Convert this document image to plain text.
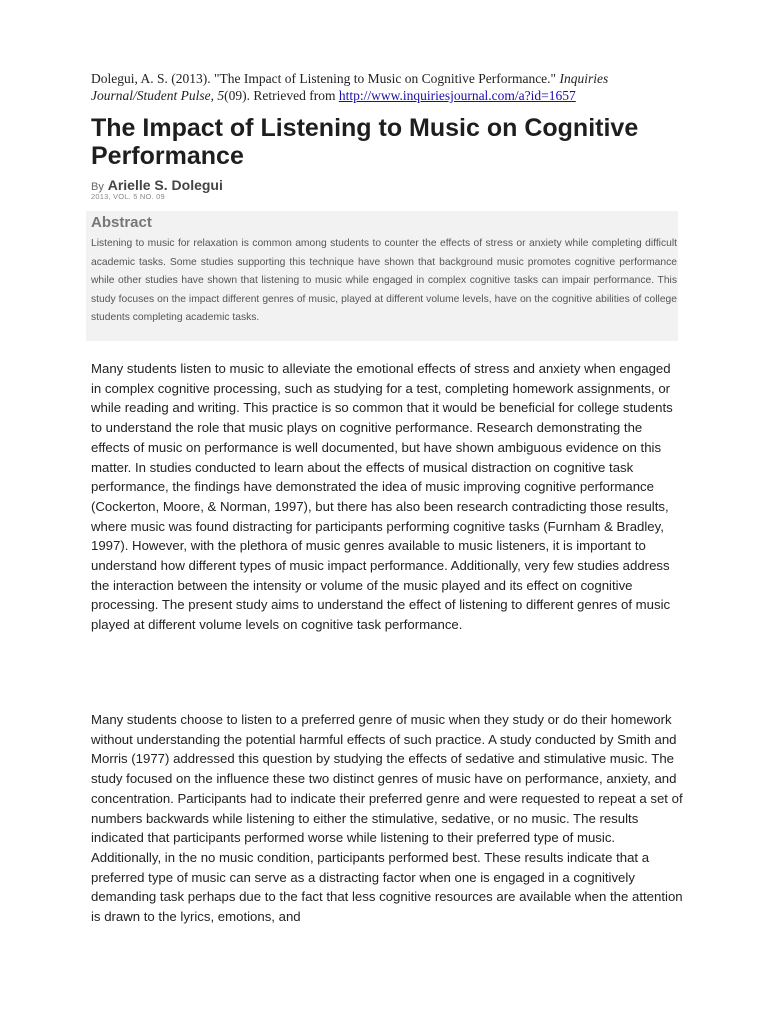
Dolegui, A. S. (2013). "The Impact of Listening to Music on Cognitive Performance." Inquiries Journal/Student Pulse, 5(09). Retrieved from http://www.inquiriesjournal.com/a?id=1657
The Impact of Listening to Music on Cognitive Performance
By Arielle S. Dolegui
2013, VOL. 5 NO. 09
Abstract

Listening to music for relaxation is common among students to counter the effects of stress or anxiety while completing difficult academic tasks. Some studies supporting this technique have shown that background music promotes cognitive performance while other studies have shown that listening to music while engaged in complex cognitive tasks can impair performance. This study focuses on the impact different genres of music, played at different volume levels, have on the cognitive abilities of college students completing academic tasks.

Many students listen to music to alleviate the emotional effects of stress and anxiety when engaged in complex cognitive processing, such as studying for a test, completing homework assignments, or while reading and writing. This practice is so common that it would be beneficial for college students to understand the role that music plays on cognitive performance. Research demonstrating the effects of music on performance is well documented, but have shown ambiguous evidence on this matter. In studies conducted to learn about the effects of musical distraction on cognitive task performance, the findings have demonstrated the idea of music improving cognitive performance (Cockerton, Moore, & Norman, 1997), but there has also been research contradicting those results, where music was found distracting for participants performing cognitive tasks (Furnham & Bradley, 1997). However, with the plethora of music genres available to music listeners, it is important to understand how different types of music impact performance. Additionally, very few studies address the interaction between the intensity or volume of the music played and its effect on cognitive processing. The present study aims to understand the effect of listening to different genres of music played at different volume levels on cognitive task performance.

Many students choose to listen to a preferred genre of music when they study or do their homework without understanding the potential harmful effects of such practice. A study conducted by Smith and Morris (1977) addressed this question by studying the effects of sedative and stimulative music. The study focused on the influence these two distinct genres of music have on performance, anxiety, and concentration. Participants had to indicate their preferred genre and were requested to repeat a set of numbers backwards while listening to either the stimulative, sedative, or no music. The results indicated that participants performed worse while listening to their preferred type of music. Additionally, in the no music condition, participants performed best. These results indicate that a preferred type of music can serve as a distracting factor when one is engaged in a cognitively demanding task perhaps due to the fact that less cognitive resources are available when the attention is drawn to the lyrics, emotions, and
